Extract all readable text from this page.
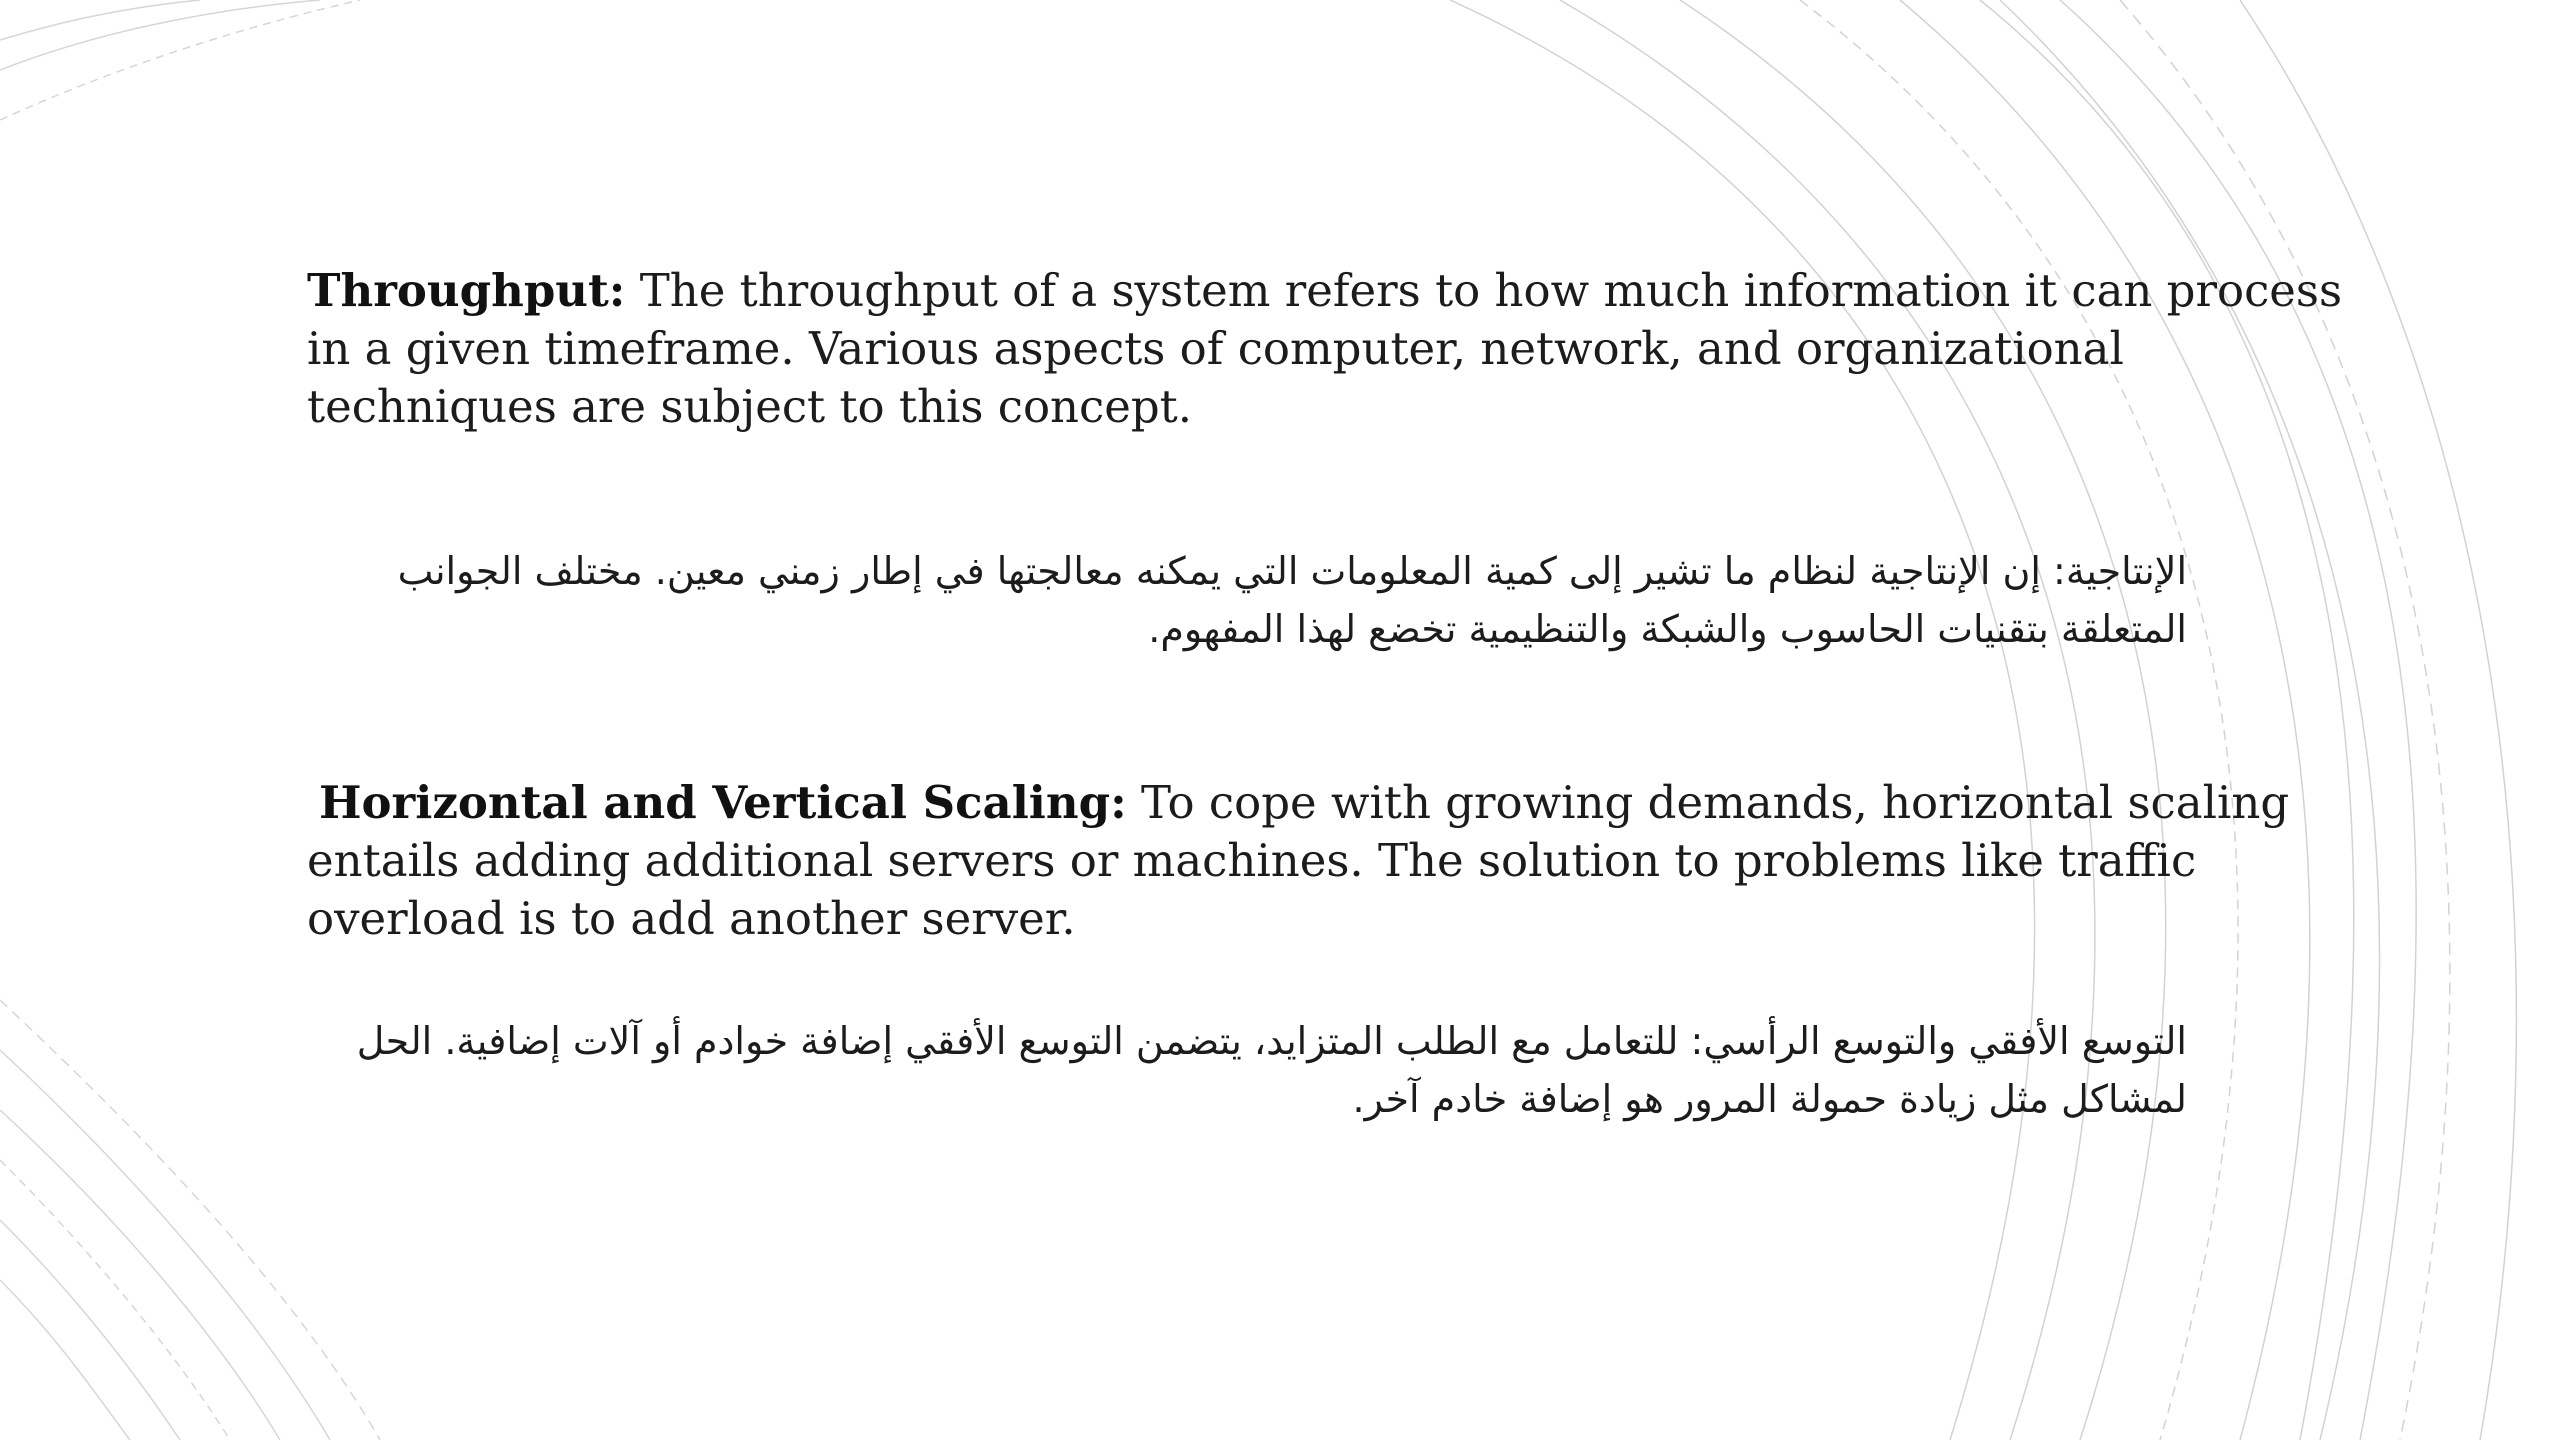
Throughput: The throughput of a system refers to how much information it can process in a given timeframe. Various aspects of computer, network, and organizational techniques are subject to this concept.

الإنتاجية: إن الإنتاجية لنظام ما تشير إلى كمية المعلومات التي يمكنه معالجتها في إطار زمني معين. مختلف الجوانب المتعلقة بتقنيات الحاسوب والشبكة والتنظيمية تخضع لهذا المفهوم.

Horizontal and Vertical Scaling: To cope with growing demands, horizontal scaling entails adding additional servers or machines. The solution to problems like traffic overload is to add another server.

التوسع الأفقي والتوسع الرأسي: للتعامل مع الطلب المتزايد، يتضمن التوسع الأفقي إضافة خوادم أو آلات إضافية. الحل لمشاكل مثل زيادة حمولة المرور هو إضافة خادم آخر.
